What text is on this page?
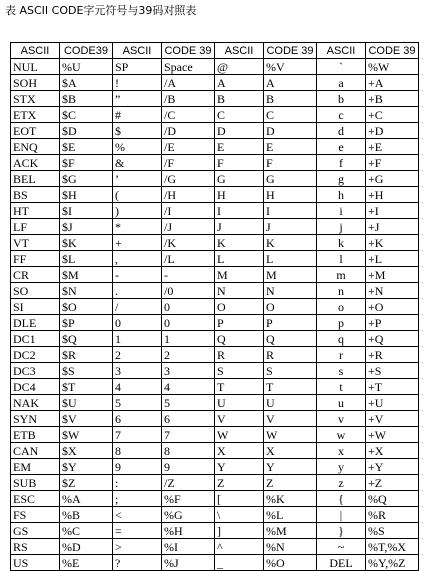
表 ASCII CODE字元符号与39码对照表
ASCII	CODE39	ASCII	CODE 39	ASCII	CODE 39	ASCII	CODE 39
NUL	%U	SP	Space	@	%V	`	%W
SOH	$A	!	/A	A	A	a	+A
STX	$B	”	/B	B	B	b	+B
ETX	$C	#	/C	C	C	c	+C
EOT	$D	$	/D	D	D	d	+D
ENQ	$E	%	/E	E	E	e	+E
ACK	$F	&	/F	F	F	f	+F
BEL	$G	’	/G	G	G	g	+G
BS	$H	(	/H	H	H	h	+H
HT	$I	)	/I	I	I	i	+I
LF	$J	*	/J	J	J	j	+J
VT	$K	+	/K	K	K	k	+K
FF	$L	,	/L	L	L	l	+L
CR	$M	-	-	M	M	m	+M
SO	$N	.	/0	N	N	n	+N
SI	$O	/	0	O	O	o	+O
DLE	$P	0	0	P	P	p	+P
DC1	$Q	1	1	Q	Q	q	+Q
DC2	$R	2	2	R	R	r	+R
DC3	$S	3	3	S	S	s	+S
DC4	$T	4	4	T	T	t	+T
NAK	$U	5	5	U	U	u	+U
SYN	$V	6	6	V	V	v	+V
ETB	$W	7	7	W	W	w	+W
CAN	$X	8	8	X	X	x	+X
EM	$Y	9	9	Y	Y	y	+Y
SUB	$Z	:	/Z	Z	Z	z	+Z
ESC	%A	;	%F	[	%K	{	%Q
FS	%B	<	%G	\	%L	|	%R
GS	%C	=	%H	]	%M	}	%S
RS	%D	>	%I	^	%N	~	%T,%X
US	%E	?	%J	_	%O	DEL	%Y,%Z
